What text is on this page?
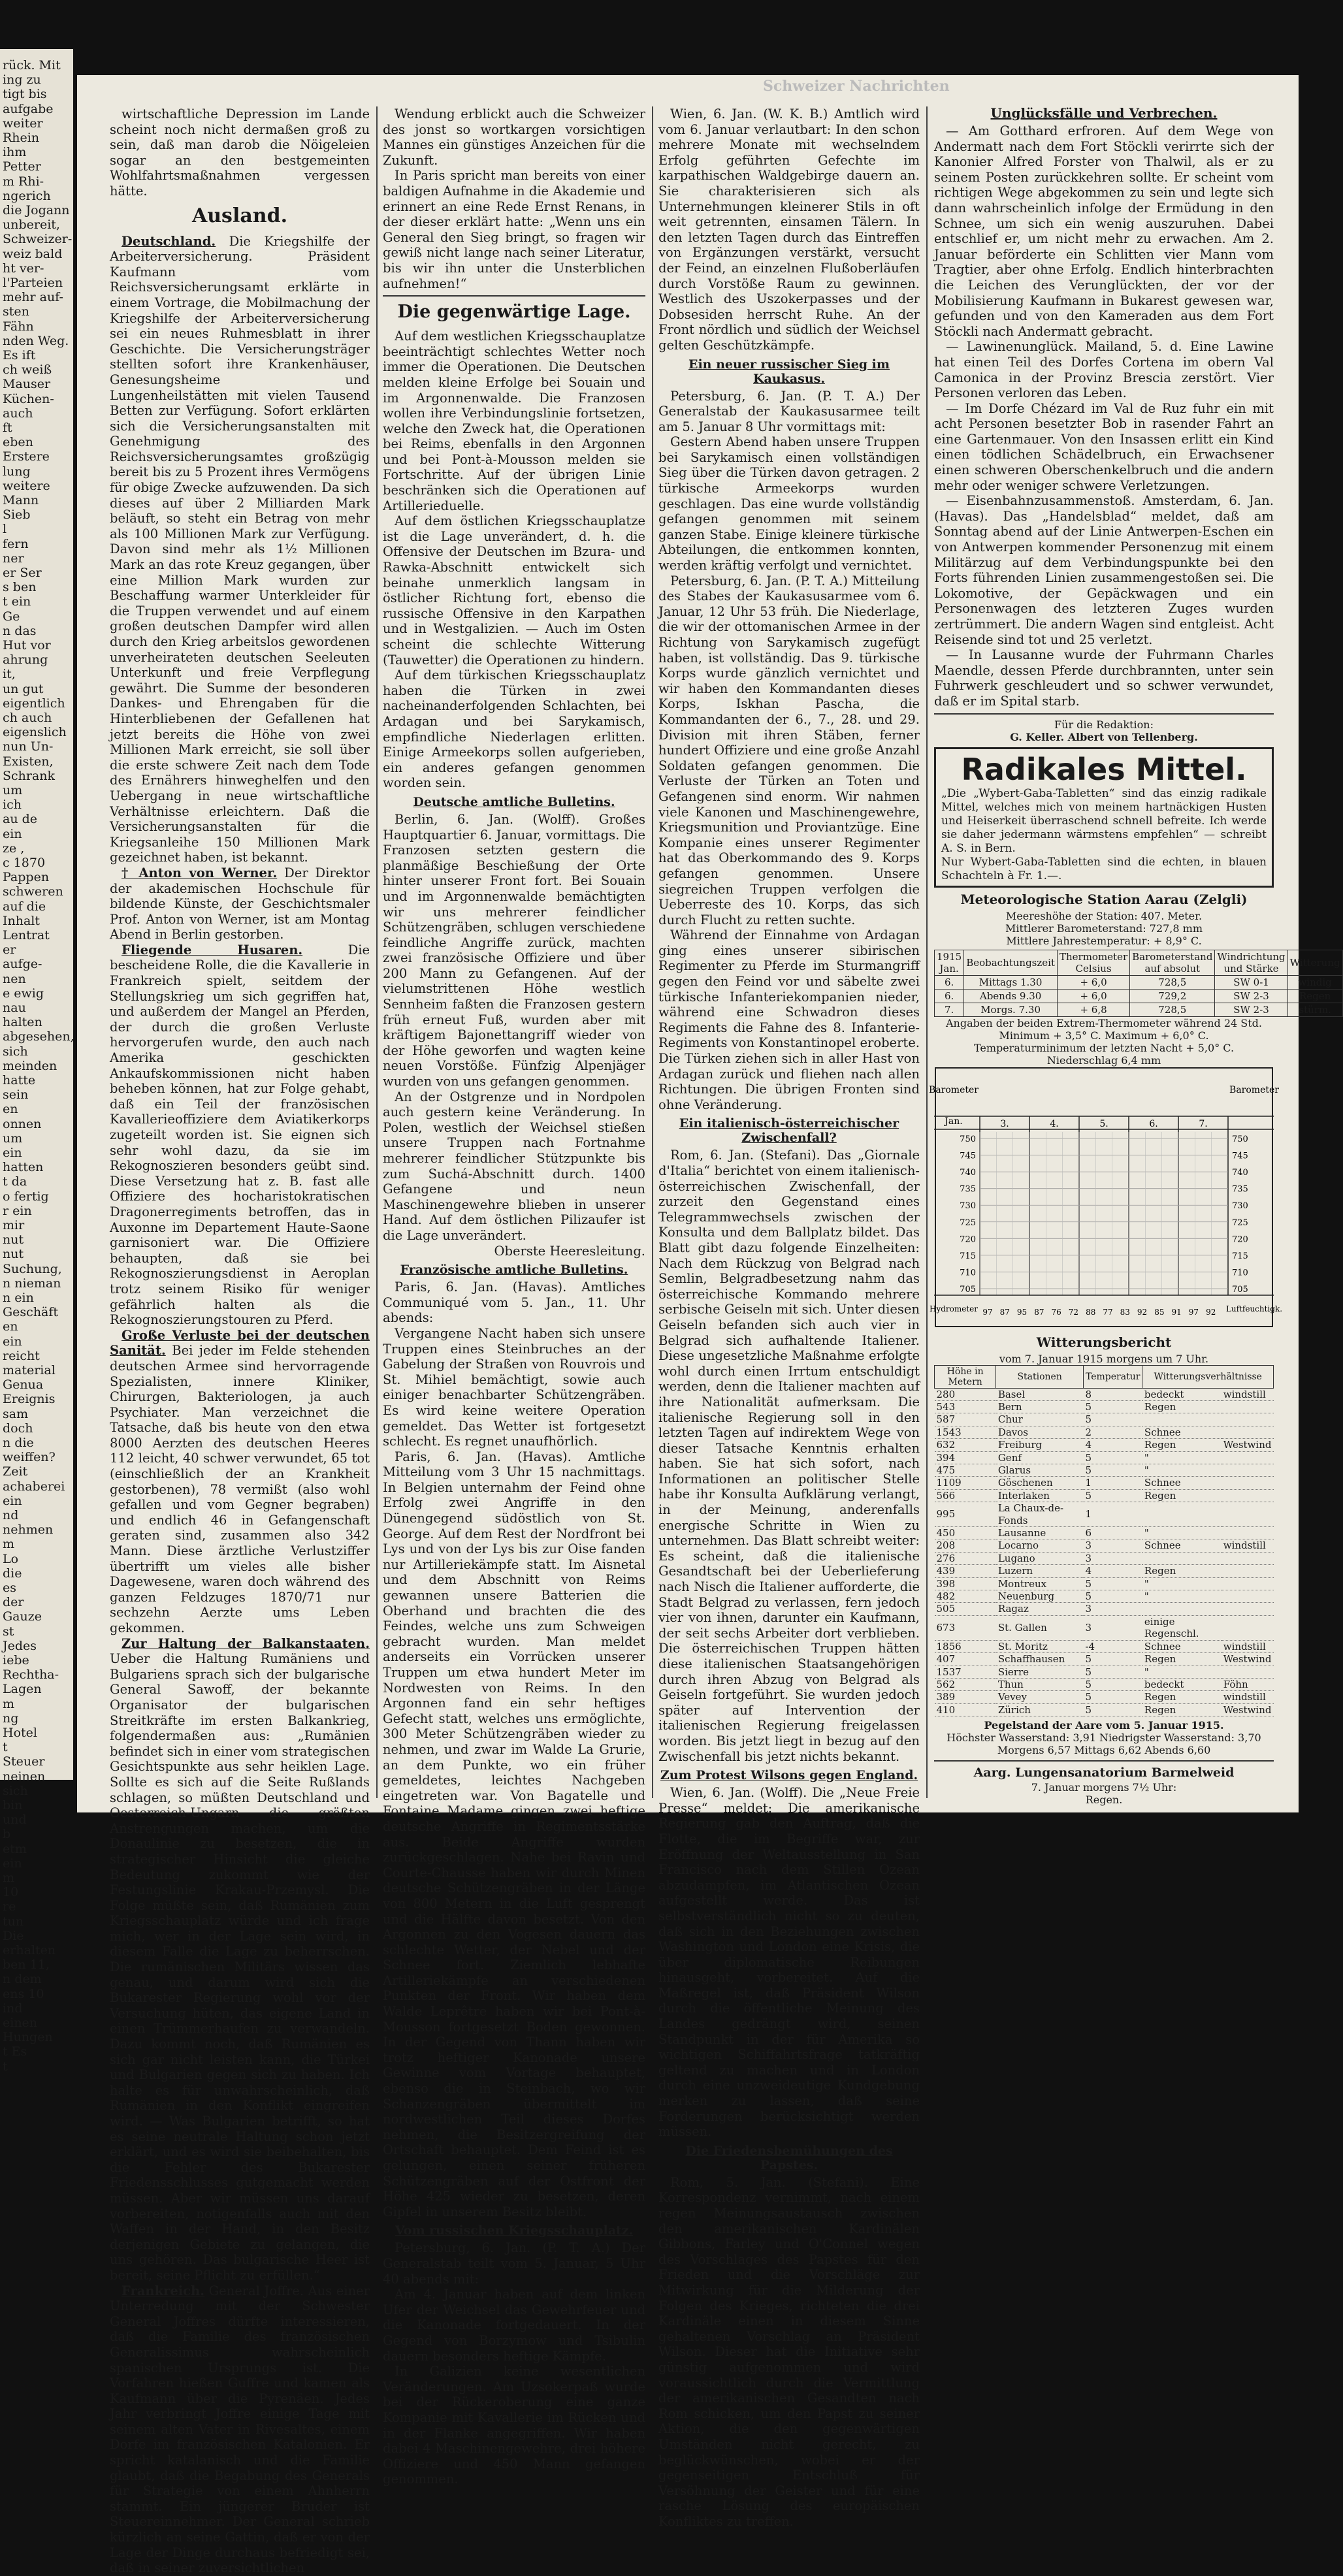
rück. Mit
ing zu
tigt bis
aufgabe
weiter
Rhein
ihm
Petter
m Rhi-
ngerich
die Jogann
unbereit,
Schweizer-
weiz bald
ht ver-
l'Parteien
mehr auf-
sten
Fähn
nden Weg.
Es ift
ch weiß
Mauser
Küchen-
auch
ft
eben
Erstere
lung
weitere
Mann
Sieb
l
fern
ner
er Ser
s ben
t ein
Ge
n das
Hut vor
ahrung
it,
un gut
eigentlich
ch auch
eigenslich
nun Un-
Existen,
Schrank
um
ich
au de
ein
ze ,
c 1870
Pappen
schweren
auf die
Inhalt
Lentrat
er
aufge-
nen
e ewig
nau
halten
abgesehen,
sich
meinden
hatte
sein
en
onnen
um
ein
hatten
t da
o fertig
r ein
mir
nut
nut
Suchung,
n nieman
n ein
Geschäft
en
ein
reicht
material
Genua
Ereignis
sam
doch
n die
weiffen?
Zeit
achaberei
ein
nd
nehmen
m
Lo
die
es
der
Gauze
st
Jedes
iebe
Rechtha-
Lagen
m
ng
Hotel
t
Steuer
neinen
sich
bin
und
b
etm
ein
m
10
re
tun
Die
erhalten
ben 11,
n dem
ens 10
ind
einen
Hungen
t Es
t
Schweizer Nachrichten

wirtschaftliche Depression im Lande scheint noch nicht dermaßen groß zu sein, daß man darob die Nöigeleien sogar an den bestgemeinten Wohlfahrtsmaßnahmen vergessen hätte.

Ausland.

Deutschland. Die Kriegshilfe der Arbeiterversicherung. Präsident Kaufmann vom Reichsversicherungsamt erklärte in einem Vortrage, die Mobilmachung der Kriegshilfe der Arbeiterversicherung sei ein neues Ruhmesblatt in ihrer Geschichte. Die Versicherungsträger stellten sofort ihre Krankenhäuser, Genesungsheime und Lungenheilstätten mit vielen Tausend Betten zur Verfügung. Sofort erklärten sich die Versicherungsanstalten mit Genehmigung des Reichsversicherungsamtes großzügig bereit bis zu 5 Prozent ihres Vermögens für obige Zwecke aufzuwenden. Da sich dieses auf über 2 Milliarden Mark beläuft, so steht ein Betrag von mehr als 100 Millionen Mark zur Verfügung. Davon sind mehr als 1½ Millionen Mark an das rote Kreuz gegangen, über eine Million Mark wurden zur Beschaffung warmer Unterkleider für die Truppen verwendet und auf einem großen deutschen Dampfer wird allen durch den Krieg arbeitslos gewordenen unverheirateten deutschen Seeleuten Unterkunft und freie Verpflegung gewährt. Die Summe der besonderen Dankes- und Ehrengaben für die Hinterbliebenen der Gefallenen hat jetzt bereits die Höhe von zwei Millionen Mark erreicht, sie soll über die erste schwere Zeit nach dem Tode des Ernährers hinweghelfen und den Uebergang in neue wirtschaftliche Verhältnisse erleichtern. Daß die Versicherungsanstalten für die Kriegsanleihe 150 Millionen Mark gezeichnet haben, ist bekannt.

† Anton von Werner. Der Direktor der akademischen Hochschule für bildende Künste, der Geschichtsmaler Prof. Anton von Werner, ist am Montag Abend in Berlin gestorben.

Fliegende Husaren.	Die bescheidene Rolle, die die Kavallerie in Frankreich spielt, seitdem der Stellungskrieg um sich gegriffen hat, und außerdem der Mangel an Pferden, der durch die großen Verluste hervorgerufen wurde, den auch nach Amerika geschickten Ankaufskommissionen nicht haben beheben können, hat zur Folge gehabt, daß ein Teil der französischen Kavallerieoffiziere dem Aviatikerkorps zugeteilt worden ist. Sie eignen sich sehr wohl dazu, da sie im Rekognoszieren besonders geübt sind. Diese Versetzung hat z. B. fast alle Offiziere des hocharistokratischen Dragonerregiments betroffen, das in Auxonne im Departement Haute-Saone garnisoniert war. Die Offiziere behaupten, daß sie bei Rekognoszierungsdienst in Aeroplan trotz seinem Risiko für weniger gefährlich halten als die Rekognoszierungstouren zu Pferd.

Große Verluste bei der deutschen Sanität. Bei jeder im Felde stehenden deutschen Armee sind hervorragende Spezialisten, innere Kliniker, Chirurgen, Bakteriologen, ja auch Psychiater. Man verzeichnet die Tatsache, daß bis heute von den etwa 8000 Aerzten des deutschen Heeres 112 leicht, 40 schwer verwundet, 65 tot (einschließlich der an Krankheit gestorbenen), 78 vermißt (also wohl gefallen und vom Gegner begraben) und endlich 46 in Gefangenschaft geraten sind, zusammen also 342 Mann. Diese ärztliche Verlustziffer übertrifft um vieles alle bisher Dagewesene, waren doch während des ganzen Feldzuges 1870/71 nur sechzehn Aerzte ums Leben gekommen.

Zur Haltung der Balkanstaaten. Ueber die Haltung Rumäniens und Bulgariens sprach sich der bulgarische General Sawoff, der bekannte Organisator der bulgarischen Streitkräfte im ersten Balkankrieg, folgendermaßen aus: „Rumänien befindet sich in einer vom strategischen Gesichtspunkte aus sehr heiklen Lage. Sollte es sich auf die Seite Rußlands schlagen, so müßten Deutschland und Oesterreich-Ungarn die größten Anstrengungen machen, um die Donaulinie zu besetzen, die in strategischer Hinsicht die gleiche Bedeutung zukommt wie der Festungslinie Krakau-Przemysl. Die Folge müßte sein, daß Rumänien zum Kriegsschauplatz würde und ich frage mich, wer in der Lage sein wird, in diesem Falle die Lage zu beherrschen. Die rumänischen Militärs wissen das genau, und darum wird sich die Bukarester Regierung wohl vor der Versuchung hüten, das eigene Land in einen Trümmerhaufen zu verwandeln. Dazu kommt noch, daß Rumänien es sich gar nicht leisten kann, die Türkei und Bulgarien gegen sich zu haben. Ich halte es für unwahrscheinlich, daß Rumänien in den Konflikt eingreifen wird. — Was Bulgarien betrifft, so hat es seine neutrale Haltung schon jetzt erklärt, und es wird sie beibehalten, bis die Fehler des Bukarester Friedensschlusses gutgemacht werden müssen. Aber wir müssen uns darauf vorbereiten, notigenfalls auch mit den Waffen in der Hand, in den Besitz derjenigen Gebiete zu gelangen, die uns gehören. Das bulgarische Heer ist bereit, seine Pflicht zu erfüllen.“

Frankreich. General Joffre. Aus einer Unterredung mit der Schwester General Joffres dürfte interessieren, daß die Familie des französischen Generalissimus wahrscheinlich spanischen Ursprungs ist. Die Vorfahren hießen Guffre und kamen als Kaufmann über die Pyrenäen. Jedes Jahr verbringt Joffre einige Tage mit seinem alten Vater in Rivesaltes, einem Dorfe im französischen Katalonien. Er spricht katalanisch und die Familie glaubt, daß die Begabung des Generals für Strategie von einem Ahnherrn stammt. Ein jüngerer Bruder ist Steuereinnehmer. Der General schrieb kürzlich an seine Gattin, daß er von der Lage der Dinge durchaus befriedigt sei, daß in seiner zuversichtlichen

Wendung erblickt auch die Schweizer des jonst so wortkargen vorsichtigen Mannes ein günstiges Anzeichen für die Zukunft.

In Paris spricht man bereits von einer baldigen Aufnahme in die Akademie und erinnert an eine Rede Ernst Renans, in der dieser erklärt hatte: „Wenn uns ein General den Sieg bringt, so fragen wir gewiß nicht lange nach seiner Literatur, bis wir ihn unter die Unsterblichen aufnehmen!“

Die gegenwärtige Lage.

Auf dem westlichen Kriegsschauplatze beeinträchtigt schlechtes Wetter noch immer die Operationen. Die Deutschen melden kleine Erfolge bei Souain und im Argonnenwalde. Die Franzosen wollen ihre Verbindungslinie fortsetzen, welche den Zweck hat, die Operationen bei Reims, ebenfalls in den Argonnen und bei Pont-à-Mousson melden sie Fortschritte. Auf der übrigen Linie beschränken sich die Operationen auf Artillerieduelle.

Auf dem östlichen Kriegsschauplatze ist die Lage unverändert, d. h. die Offensive der Deutschen im Bzura- und Rawka-Abschnitt entwickelt sich beinahe unmerklich langsam in östlicher Richtung fort, ebenso die russische Offensive in den Karpathen und in Westgalizien. — Auch im Osten scheint die schlechte Witterung (Tauwetter) die Operationen zu hindern.

Auf dem türkischen Kriegsschauplatz haben die Türken in zwei nacheinanderfolgenden Schlachten, bei Ardagan und bei Sarykamisch, empfindliche Niederlagen erlitten. Einige Armeekorps sollen aufgerieben, ein anderes gefangen genommen worden sein.

Deutsche amtliche Bulletins.

Berlin, 6. Jan. (Wolff). Großes Hauptquartier 6. Januar, vormittags. Die Franzosen setzten gestern die planmäßige Beschießung der Orte hinter unserer Front fort. Bei Souain und im Argonnenwalde bemächtigten wir uns mehrerer feindlicher Schützengräben, schlugen verschiedene feindliche Angriffe zurück, machten zwei französische Offiziere und über 200 Mann zu Gefangenen. Auf der vielumstrittenen Höhe westlich Sennheim faßten die Franzosen gestern früh erneut Fuß, wurden aber mit kräftigem Bajonettangriff wieder von der Höhe geworfen und wagten keine neuen Vorstöße. Fünfzig Alpenjäger wurden von uns gefangen genommen.

An der Ostgrenze und in Nordpolen auch gestern keine Veränderung. In Polen, westlich der Weichsel stießen unsere Truppen nach Fortnahme mehrerer feindlicher Stützpunkte bis zum Suchá-Abschnitt durch. 1400 Gefangene und neun Maschinengewehre blieben in unserer Hand. Auf dem östlichen Pilizaufer ist die Lage unverändert.

Oberste Heeresleitung.

Französische amtliche Bulletins.

Paris, 6. Jan. (Havas). Amtliches Communiqué vom 5. Jan., 11. Uhr abends:

Vergangene Nacht haben sich unsere Truppen eines Steinbruches an der Gabelung der Straßen von Rouvrois und St. Mihiel bemächtigt, sowie auch einiger benachbarter Schützengräben. Es wird keine weitere Operation gemeldet. Das Wetter ist fortgesetzt schlecht. Es regnet unaufhörlich.

Paris, 6. Jan. (Havas). Amtliche Mitteilung vom 3 Uhr 15 nachmittags. In Belgien unternahm der Feind ohne Erfolg zwei Angriffe in den Dünengegend südöstlich von St. George. Auf dem Rest der Nordfront bei Lys und von der Lys bis zur Oise fanden nur Artilleriekämpfe statt. Im Aisnetal und dem Abschnitt von Reims gewannen unsere Batterien die Oberhand und brachten die des Feindes, welche uns zum Schweigen gebracht wurden. Man meldet anderseits ein Vorrücken unserer Truppen um etwa hundert Meter im Nordwesten von Reims. In den Argonnen fand ein sehr heftiges Gefecht statt, welches uns ermöglichte, 300 Meter Schützengräben wieder zu nehmen, und zwar im Walde La Grurie, an dem Punkte, wo ein früher gemeldetes, leichtes Nachgeben eingetreten war. Von Bagatelle und Fontaine Madame gingen zwei heftige deutsche Angriffe in Regimentsstärke aus. Beide Angriffe wurden zurückgeschlagen. Nahe bei Ravin und Courte-Chausse haben wir durch Minen deutsche Schützengräben in der Länge von 800 Metern in die Luft gesprengt und die Hälfte davon besetzt. Von den Argonnen zu den Vogesen dauern das schlechte Wetter, der Nebel und der Schnee fort. Ziemlich lebhafte Artilleriekämpfe an verschiedenen Punkten der Front. Wir haben dem Walde Leprêtre haben wir bei Pont-à-Mousson fortgesetzt Boden gewonnen. In der Gegend von Thann haben wir trotz heftiger Kanonade unsere Gewinne vom Vortage behauptet, ebenso die in Steinbach, wo wir Schanzengräben übermittelt im nordwestlichen Teil dieses Dorfes nehmen, die Besitzergreifung der Ortschaft behauptet. Dem Feind ist es gelungen, einen seiner früheren Schützengräben auf der Ostfront der Höhe 425 wieder zu besetzen, deren Gipfel in unserem Besitz bleibt.

Vom russischen Kriegsschauplatz.

Petersburg, 6. Jan. (P. T. A.) Der Generalstab teilt vom 5. Januar, 5 Uhr 40 abends mit:

Am 4. Januar haben auf dem linken Ufer der Weichsel das Gewehrfeuer und die Kanonade fortgedauert. In der Gegend von Borzymow und Tsibulin dauern besonders heftige Kämpfe.

In Galizien keine wesentlichen Veränderungen. Am Uzsokerpaß wurde bei der Rückeroberung eine ganze Kompanie mit Kavallerie im Rücken und in der Flanke angegriffen. Wir haben dabei 4 Maschinengewehre, drei höhere Offiziere und 450 Mann gefangen genommen.

Wien, 6. Jan. (W. K. B.) Amtlich wird vom 6. Januar verlautbart: In den schon mehrere Monate mit wechselndem Erfolg geführten Gefechte im karpathischen Waldgebirge dauern an. Sie charakterisieren sich als Unternehmungen kleinerer Stils in oft weit getrennten, einsamen Tälern. In den letzten Tagen durch das Eintreffen von Ergänzungen verstärkt, versucht der Feind, an einzelnen Flußoberläufen durch Vorstöße Raum zu gewinnen. Westlich des Uszokerpasses und der Dobsesiden herrscht Ruhe. An der Front nördlich und südlich der Weichsel gelten Geschützkämpfe.

Ein neuer russischer Sieg im Kaukasus.

Petersburg, 6. Jan. (P. T. A.) Der Generalstab der Kaukasusarmee teilt am 5. Januar 8 Uhr vormittags mit:

Gestern Abend haben unsere Truppen bei Sarykamisch einen vollständigen Sieg über die Türken davon getragen. 2 türkische Armeekorps wurden geschlagen. Das eine wurde vollständig gefangen genommen mit seinem ganzen Stabe. Einige kleinere türkische Abteilungen, die entkommen konnten, werden kräftig verfolgt und vernichtet.

Petersburg, 6. Jan. (P. T. A.) Mitteilung des Stabes der Kaukasusarmee vom 6. Januar, 12 Uhr 53 früh. Die Niederlage, die wir der ottomanischen Armee in der Richtung von Sarykamisch zugefügt haben, ist vollständig. Das 9. türkische Korps wurde gänzlich vernichtet und wir haben den Kommandanten dieses Korps, Iskhan Pascha, die Kommandanten der 6., 7., 28. und 29. Division mit ihren Stäben, ferner hundert Offiziere und eine große Anzahl Soldaten gefangen genommen. Die Verluste der Türken an Toten und Gefangenen sind enorm. Wir nahmen viele Kanonen und Maschinengewehre, Kriegsmunition und Proviantzüge. Eine Kompanie eines unserer Regimenter hat das Oberkommando des 9. Korps gefangen genommen. Unsere siegreichen Truppen verfolgen die Ueberreste des 10. Korps, das sich durch Flucht zu retten suchte.

Während der Einnahme von Ardagan ging eines unserer sibirischen Regimenter zu Pferde im Sturmangriff gegen den Feind vor und säbelte zwei türkische Infanteriekompanien nieder, während eine Schwadron dieses Regiments die Fahne des 8. Infanterie-Regiments von Konstantinopel eroberte. Die Türken ziehen sich in aller Hast von Ardagan zurück und fliehen nach allen Richtungen. Die übrigen Fronten sind ohne Veränderung.

Ein italienisch-österreichischer Zwischenfall?

Rom, 6. Jan. (Stefani). Das „Giornale d'Italia“ berichtet von einem italienisch-österreichischen Zwischenfall, der zurzeit den Gegenstand eines Telegrammwechsels zwischen der Konsulta und dem Ballplatz bildet. Das Blatt gibt dazu folgende Einzelheiten: Nach dem Rückzug von Belgrad nach Semlin, Belgradbesetzung nahm das österreichische Kommando mehrere serbische Geiseln mit sich. Unter diesen Geiseln befanden sich auch vier in Belgrad sich aufhaltende Italiener. Diese ungesetzliche Maßnahme erfolgte wohl durch einen Irrtum entschuldigt werden, denn die Italiener machten auf ihre Nationalität aufmerksam. Die italienische Regierung soll in den letzten Tagen auf indirektem Wege von dieser Tatsache Kenntnis erhalten haben. Sie hat sich sofort, nach Informationen an politischer Stelle habe ihr Konsulta Aufklärung verlangt, in der Meinung, anderenfalls energische Schritte in Wien zu unternehmen. Das Blatt schreibt weiter: Es scheint, daß die italienische Gesandtschaft bei der Ueberlieferung nach Nisch die Italiener aufforderte, die Stadt Belgrad zu verlassen, fern jedoch vier von ihnen, darunter ein Kaufmann, der seit sechs Arbeiter dort verblieben. Die österreichischen Truppen hätten diese italienischen Staatsangehörigen durch ihren Abzug von Belgrad als Geiseln fortgeführt. Sie wurden jedoch später auf Intervention der italienischen Regierung freigelassen worden. Bis jetzt liegt in bezug auf den Zwischenfall bis jetzt nichts bekannt.

Zum Protest Wilsons gegen England.

Wien, 6. Jan. (Wolff). Die „Neue Freie Presse“ meldet: Die amerikanische Regierung gab den Auftrag, daß die Flotte, die im Begriffe war, zur Eröffnung der Weltausstellung in San Francisco nach dem Stillen Ozean abzudampfen, im Atlantischen Ozean aufgestellt werde. Das ist selbstverständlich nicht so zu deuten, daß sich in den Beziehungen zwischen Washington und London eine Krisis, die über diplomatische Reibungen hinausgeht, vorbereitet. Auf die Maßregel ist, daß Präsident Wilson durch die öffentliche Meinung des Landes gedrängt wird, seinen Standpunkt in der für Amerika so wichtigen Schiffahrtsfrage tatkräftig geltend zu machen und in London durch eine unzweideutige Kundgebung merken zu lassen, daß seine Forderungen berücksichtigt werden müssen.

Die Friedensbemühungen des Papstes.

Rom, 5. Jan. (Stefani). Eine Korrespondenz vernimmt, nach einem regen Meinungsaustausch zwischen den amerikanischen Kardinälen Gibbons, Farley und O'Connel wegen des Vorschlages des Papstes für den Frieden und die Vorschläge zur Mitwirkung für die Milderung der Folgen des Krieges, richteten die drei Kardinäle einen in diesem Sinne gehaltenen Vorschlag an Präsident Wilson. Dieser hat die Initiative sehr günstig aufgenommen und wird voraussichtlich durch die Vermittlung der amerikanischen Gesandten nach Rom schicken, um den Papst zu seiner Aktion, die den gegenwärtigen Umständen nicht gerecht, zu beglückwünschen, wobei er der gegenseitigen Entschluß für Versöhnung der Geister und für eine rasche Lösung des europäischen Konfliktes zu treffen.

Unglücksfälle und Verbrechen.

— Am Gotthard erfroren. Auf dem Wege von Andermatt nach dem Fort Stöckli verirrte sich der Kanonier Alfred Forster von Thalwil, als er zu seinem Posten zurückkehren sollte. Er scheint vom richtigen Wege abgekommen zu sein und legte sich dann wahrscheinlich infolge der Ermüdung in den Schnee, um sich ein wenig auszuruhen. Dabei entschlief er, um nicht mehr zu erwachen. Am 2. Januar beförderte ein Schlitten vier Mann vom Tragtier, aber ohne Erfolg. Endlich hinterbrachten die Leichen des Verunglückten, der vor der Mobilisierung Kaufmann in Bukarest gewesen war, gefunden und von den Kameraden aus dem Fort Stöckli nach Andermatt gebracht.

— Lawinenunglück. Mailand, 5. d. Eine Lawine hat einen Teil des Dorfes Cortena im obern Val Camonica in der Provinz Brescia zerstört. Vier Personen verloren das Leben.

— Im Dorfe Chézard im Val de Ruz fuhr ein mit acht Personen besetzter Bob in rasender Fahrt an eine Gartenmauer. Von den Insassen erlitt ein Kind einen tödlichen Schädelbruch, ein Erwachsener einen schweren Oberschenkelbruch und die andern mehr oder weniger schwere Verletzungen.

— Eisenbahnzusammenstoß. Amsterdam, 6. Jan. (Havas). Das „Handelsblad“ meldet, daß am Sonntag abend auf der Linie Antwerpen-Eschen ein von Antwerpen kommender Personenzug mit einem Militärzug auf dem Verbindungspunkte bei den Forts führenden Linien zusammengestoßen sei. Die Lokomotive, der Gepäckwagen und ein Personenwagen des letzteren Zuges wurden zertrümmert. Die andern Wagen sind entgleist. Acht Reisende sind tot und 25 verletzt.

— In Lausanne wurde der Fuhrmann Charles Maendle, dessen Pferde durchbrannten, unter sein Fuhrwerk geschleudert und so schwer verwundet, daß er im Spital starb.

Für die Redaktion:

G. Keller. Albert von Tellenberg.

Radikales Mittel.

„Die „Wybert-Gaba-Tabletten“ sind das einzig radikale Mittel, welches mich von meinem hartnäckigen Husten und Heiserkeit überraschend schnell befreite. Ich werde sie daher jedermann wärmstens empfehlen“ — schreibt A. S. in Bern.

Nur Wybert-Gaba-Tabletten sind die echten, in blauen Schachteln à Fr. 1.—.

Meteorologische Station Aarau (Zelgli)

Meereshöhe der Station: 407. Meter.

Mittlerer Barometerstand: 727,8 mm

Mittlere Jahrestemperatur: + 8,9° C.

1915 Jan.	Beobachtungszeit	Thermometer Celsius	Barometerstand auf absolut	Windrichtung und Stärke	Witterung
6.	Mittags 1.30	+ 6,0	728,5	SW 0-1	windig
6.	Abends 9.30	+ 6,0	729,2	SW 2-3	Regen
7.	Morgs. 7.30	+ 6,8	728,5	SW 2-3	stürm.

Angaben der beiden Extrem-Thermometer während 24 Std.

Minimum + 3,5° C. Maximum + 6,0° C.

Temperaturminimum der letzten Nacht + 5,0° C.

Niederschlag 6,4 mm

Barometer	Barometer
Jan.	3.	4.	5.	6.	7.
750	750
745	745
740	740
735	735
730	730
725	725
720	720
715	715
710	710
705	705
Hydrometer	Luftfeuchtigk.
97 87 95 87 76 72 88 77 83 92 85 91 97 92
Witterungsbericht

vom 7. Januar 1915 morgens um 7 Uhr.

Höhe in Metern	Stationen	Temperatur	Witterungsverhältnisse	
280	Basel	8	bedeckt	windstill
543	Bern	5	Regen	
587	Chur	5		
1543	Davos	2	Schnee	
632	Freiburg	4	Regen	Westwind
394	Genf	5	"	
475	Glarus	5	"	
1109	Göschenen	1	Schnee	
566	Interlaken	5	Regen	
995	La Chaux-de-Fonds	1		
450	Lausanne	6	"	
208	Locarno	3	Schnee	windstill
276	Lugano	3		
439	Luzern	4	Regen	
398	Montreux	5	"	
482	Neuenburg	5	"	
505	Ragaz	3		
673	St. Gallen	3	einige Regenschl.	
1856	St. Moritz	-4	Schnee	windstill
407	Schaffhausen	5	Regen	Westwind
1537	Sierre	5	"	
562	Thun	5	bedeckt	Föhn
389	Vevey	5	Regen	windstill
410	Zürich	5	Regen	Westwind

Pegelstand der Aare vom 5. Januar 1915.

Höchster Wasserstand: 3,91 Niedrigster Wasserstand: 3,70

Morgens 6,57 Mittags 6,62 Abends 6,60

Aarg. Lungensanatorium Barmelweid

7. Januar morgens 7½ Uhr:

Regen.
